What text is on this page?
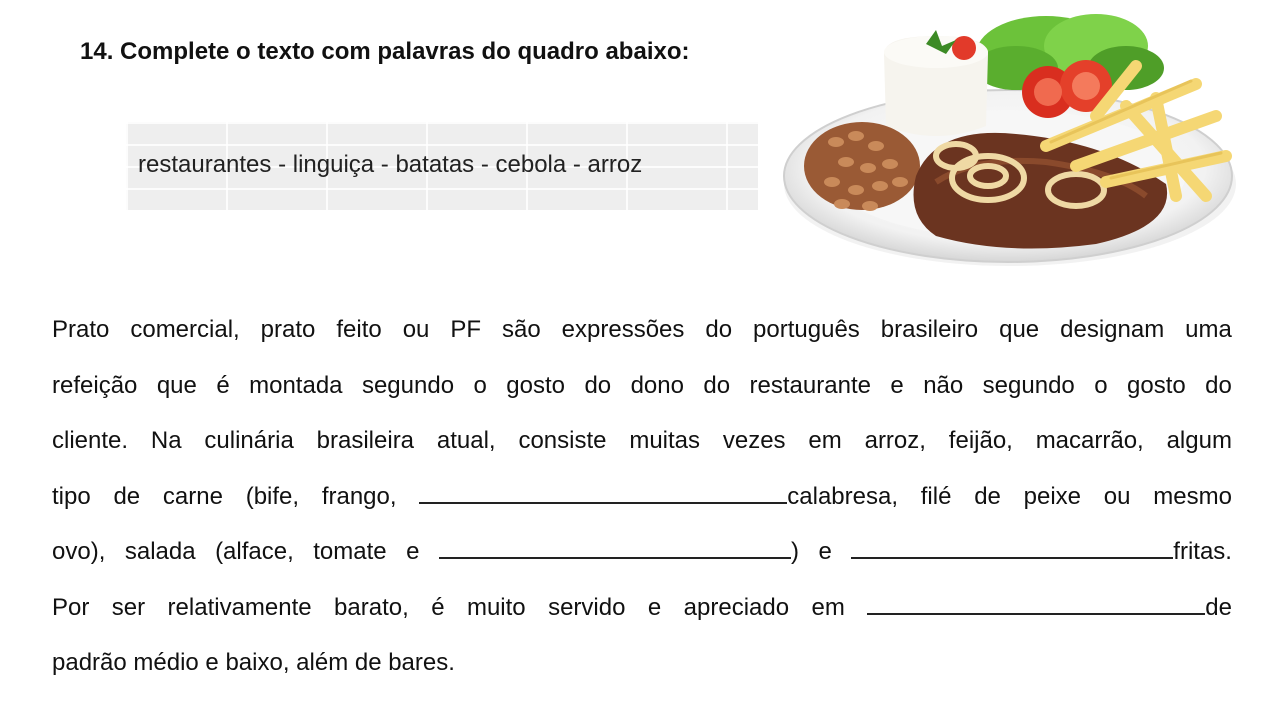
14. Complete o texto com palavras do quadro abaixo:
restaurantes - linguiça - batatas - cebola - arroz
Prato comercial, prato feito ou PF são expressões do português brasileiro que designam uma
refeição que é montada segundo o gosto do dono do restaurante e não segundo o gosto do
cliente. Na culinária brasileira atual, consiste muitas vezes em arroz, feijão, macarrão, algum
tipo de carne (bife, frango,	calabresa, filé de peixe ou mesmo
ovo), salada (alface, tomate e	) e	fritas.
Por ser relativamente barato, é muito servido e apreciado em	de
padrão médio e baixo, além de bares.
